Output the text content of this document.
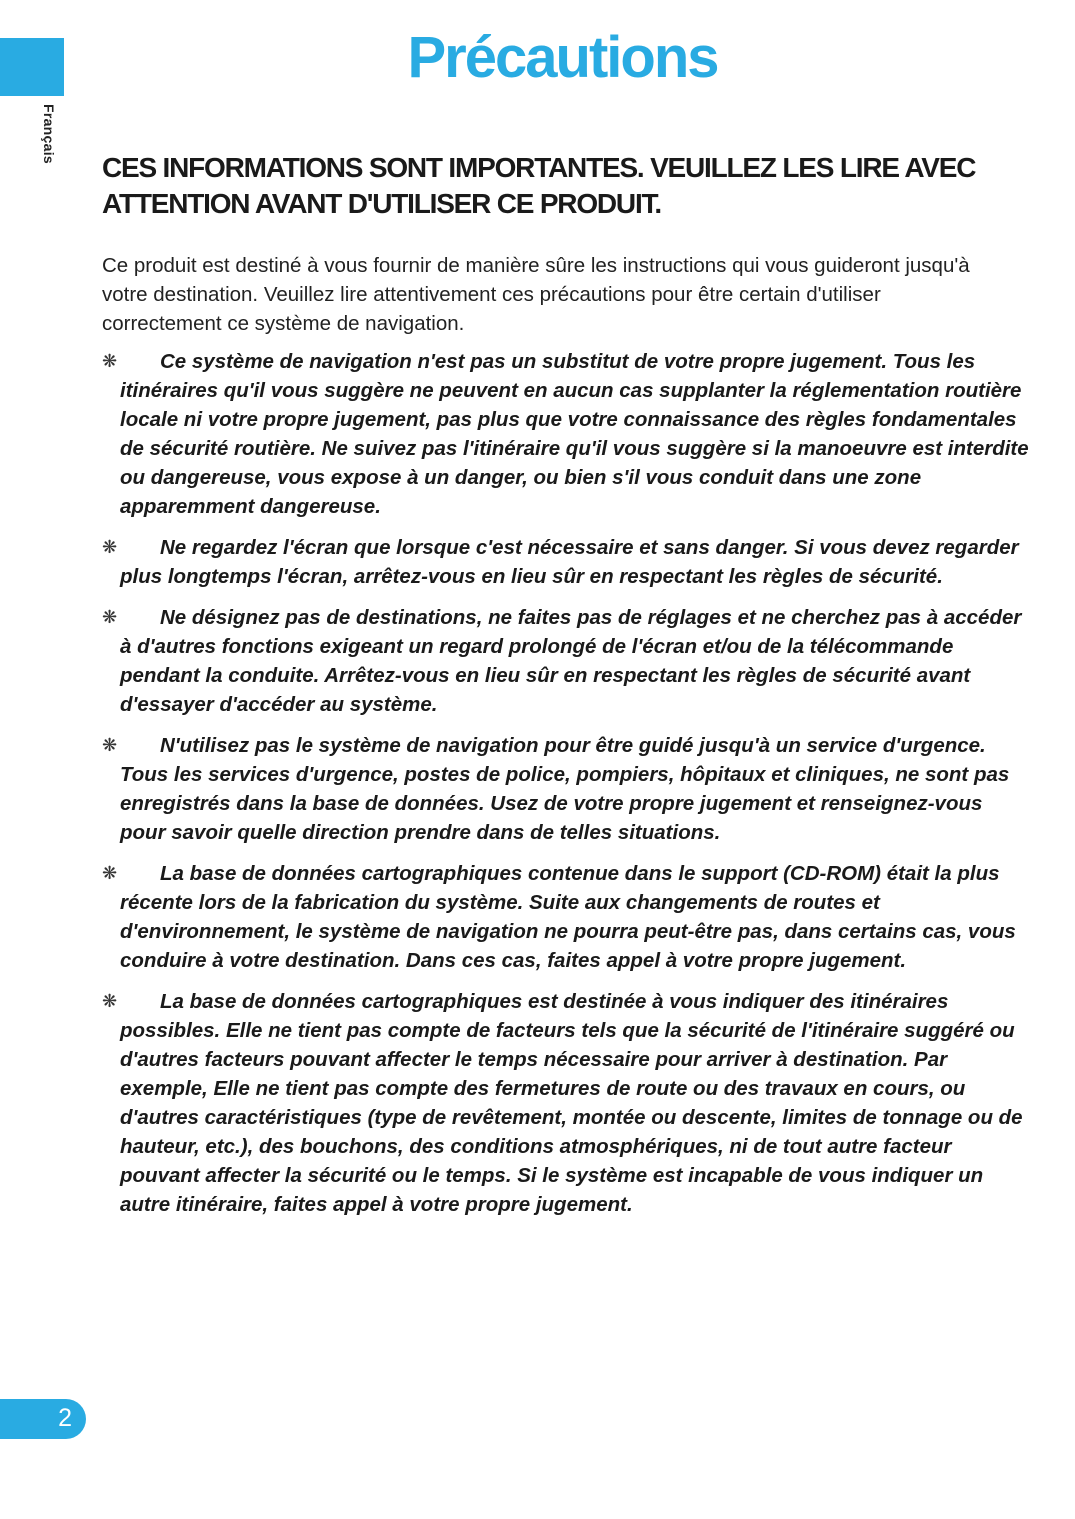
Français
Précautions
CES INFORMATIONS SONT IMPORTANTES. VEUILLEZ LES LIRE AVEC ATTENTION AVANT D'UTILISER CE PRODUIT.

Ce produit est destiné à vous fournir de manière sûre les instructions qui vous guideront jusqu'à votre destination. Veuillez lire attentivement ces précautions pour être certain d'utiliser correctement ce système de navigation.

❋	Ce système de navigation n'est pas un substitut de votre propre jugement. Tous les itinéraires qu'il vous suggère ne peuvent en aucun cas supplanter la réglementation routière locale ni votre propre jugement, pas plus que votre connaissance des règles fondamentales de sécurité routière. Ne suivez pas l'itinéraire qu'il vous suggère si la manoeuvre est interdite ou dangereuse, vous expose à un danger, ou bien s'il vous conduit dans une zone apparemment dangereuse.
❋	Ne regardez l'écran que lorsque c'est nécessaire et sans danger. Si vous devez regarder plus longtemps l'écran, arrêtez-vous en lieu sûr en respectant les règles de sécurité.
❋	Ne désignez pas de destinations, ne faites pas de réglages et ne cherchez pas à accéder à d'autres fonctions exigeant un regard prolongé de l'écran et/ou de la télécommande pendant la conduite. Arrêtez-vous en lieu sûr en respectant les règles de sécurité avant d'essayer d'accéder au système.
❋	N'utilisez pas le système de navigation pour être guidé jusqu'à un service d'urgence. Tous les services d'urgence, postes de police, pompiers, hôpitaux et cliniques, ne sont pas enregistrés dans la base de données. Usez de votre propre jugement et renseignez-vous pour savoir quelle direction prendre dans de telles situations.
❋	La base de données cartographiques contenue dans le support (CD-ROM) était la plus récente lors de la fabrication du système. Suite aux changements de routes et d'environnement, le système de navigation ne pourra peut-être pas, dans certains cas, vous conduire à votre destination. Dans ces cas, faites appel à votre propre jugement.
❋	La base de données cartographiques est destinée à vous indiquer des itinéraires possibles. Elle ne tient pas compte de facteurs tels que la sécurité de l'itinéraire suggéré ou d'autres facteurs pouvant affecter le temps nécessaire pour arriver à destination. Par exemple, Elle ne tient pas compte des fermetures de route ou des travaux en cours, ou d'autres caractéristiques (type de revêtement, montée ou descente, limites de tonnage ou de hauteur, etc.), des bouchons, des conditions atmosphériques, ni de tout autre facteur pouvant affecter la sécurité ou le temps. Si le système est incapable de vous indiquer un autre itinéraire, faites appel à votre propre jugement.
2
